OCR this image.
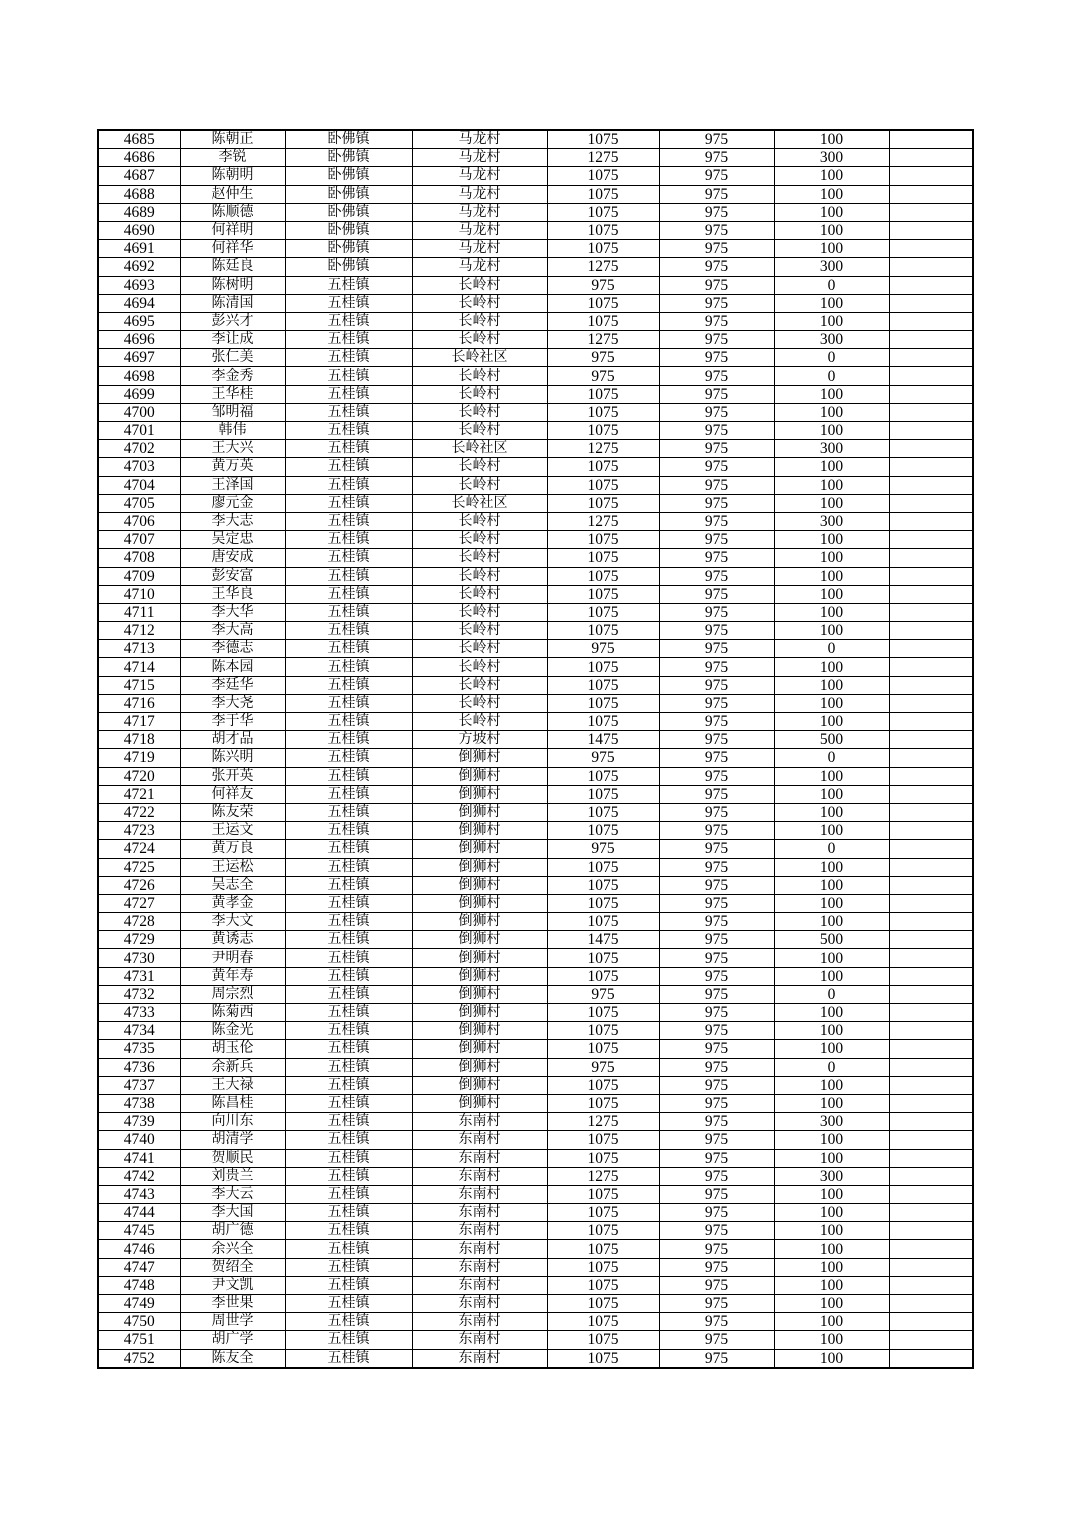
4685	陈朝正	卧佛镇	马龙村	1075	975	100	
4686	李锐	卧佛镇	马龙村	1275	975	300	
4687	陈朝明	卧佛镇	马龙村	1075	975	100	
4688	赵仲生	卧佛镇	马龙村	1075	975	100	
4689	陈顺德	卧佛镇	马龙村	1075	975	100	
4690	何祥明	卧佛镇	马龙村	1075	975	100	
4691	何祥华	卧佛镇	马龙村	1075	975	100	
4692	陈廷良	卧佛镇	马龙村	1275	975	300	
4693	陈树明	五桂镇	长岭村	975	975	0	
4694	陈清国	五桂镇	长岭村	1075	975	100	
4695	彭兴才	五桂镇	长岭村	1075	975	100	
4696	李让成	五桂镇	长岭村	1275	975	300	
4697	张仁美	五桂镇	长岭社区	975	975	0	
4698	李金秀	五桂镇	长岭村	975	975	0	
4699	王华桂	五桂镇	长岭村	1075	975	100	
4700	邹明福	五桂镇	长岭村	1075	975	100	
4701	韩伟	五桂镇	长岭村	1075	975	100	
4702	王大兴	五桂镇	长岭社区	1275	975	300	
4703	黄万英	五桂镇	长岭村	1075	975	100	
4704	王泽国	五桂镇	长岭村	1075	975	100	
4705	廖元金	五桂镇	长岭社区	1075	975	100	
4706	李大志	五桂镇	长岭村	1275	975	300	
4707	吴定忠	五桂镇	长岭村	1075	975	100	
4708	唐安成	五桂镇	长岭村	1075	975	100	
4709	彭安富	五桂镇	长岭村	1075	975	100	
4710	王华良	五桂镇	长岭村	1075	975	100	
4711	李大华	五桂镇	长岭村	1075	975	100	
4712	李大高	五桂镇	长岭村	1075	975	100	
4713	李德志	五桂镇	长岭村	975	975	0	
4714	陈本园	五桂镇	长岭村	1075	975	100	
4715	李廷华	五桂镇	长岭村	1075	975	100	
4716	李大尧	五桂镇	长岭村	1075	975	100	
4717	李于华	五桂镇	长岭村	1075	975	100	
4718	胡才品	五桂镇	方坡村	1475	975	500	
4719	陈兴明	五桂镇	倒狮村	975	975	0	
4720	张开英	五桂镇	倒狮村	1075	975	100	
4721	何祥友	五桂镇	倒狮村	1075	975	100	
4722	陈友荣	五桂镇	倒狮村	1075	975	100	
4723	王运文	五桂镇	倒狮村	1075	975	100	
4724	黄万良	五桂镇	倒狮村	975	975	0	
4725	王运松	五桂镇	倒狮村	1075	975	100	
4726	吴志全	五桂镇	倒狮村	1075	975	100	
4727	黄孝金	五桂镇	倒狮村	1075	975	100	
4728	李大文	五桂镇	倒狮村	1075	975	100	
4729	黄诱志	五桂镇	倒狮村	1475	975	500	
4730	尹明春	五桂镇	倒狮村	1075	975	100	
4731	黄年寿	五桂镇	倒狮村	1075	975	100	
4732	周宗烈	五桂镇	倒狮村	975	975	0	
4733	陈菊西	五桂镇	倒狮村	1075	975	100	
4734	陈金光	五桂镇	倒狮村	1075	975	100	
4735	胡玉伦	五桂镇	倒狮村	1075	975	100	
4736	余新兵	五桂镇	倒狮村	975	975	0	
4737	王大禄	五桂镇	倒狮村	1075	975	100	
4738	陈昌桂	五桂镇	倒狮村	1075	975	100	
4739	向川东	五桂镇	东南村	1275	975	300	
4740	胡清学	五桂镇	东南村	1075	975	100	
4741	贺顺民	五桂镇	东南村	1075	975	100	
4742	刘贵兰	五桂镇	东南村	1275	975	300	
4743	李大云	五桂镇	东南村	1075	975	100	
4744	李大国	五桂镇	东南村	1075	975	100	
4745	胡广德	五桂镇	东南村	1075	975	100	
4746	余兴全	五桂镇	东南村	1075	975	100	
4747	贺绍全	五桂镇	东南村	1075	975	100	
4748	尹文凯	五桂镇	东南村	1075	975	100	
4749	李世果	五桂镇	东南村	1075	975	100	
4750	周世学	五桂镇	东南村	1075	975	100	
4751	胡广学	五桂镇	东南村	1075	975	100	
4752	陈友全	五桂镇	东南村	1075	975	100	
